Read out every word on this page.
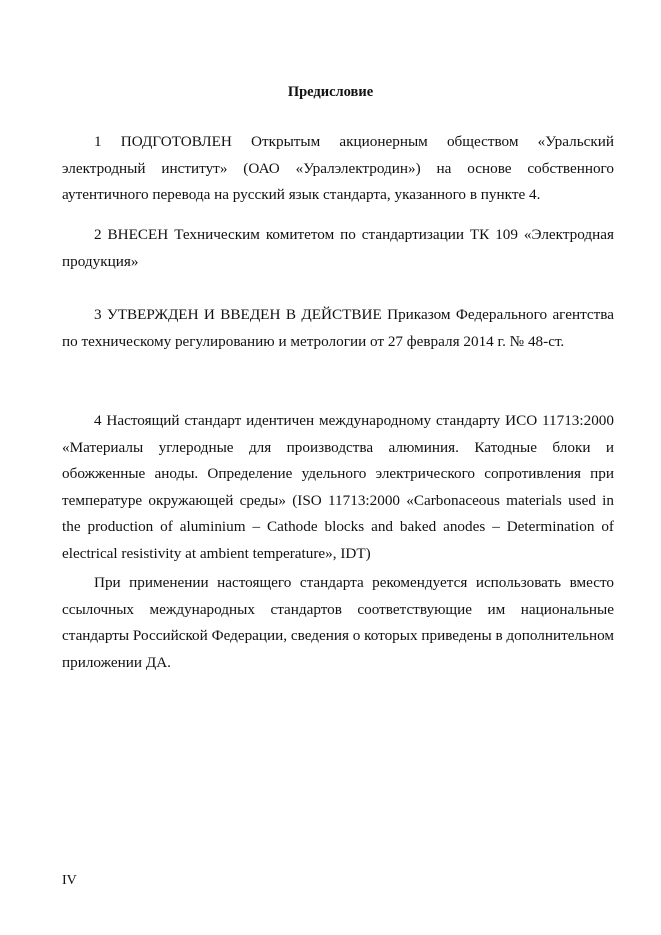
Предисловие

1 ПОДГОТОВЛЕН Открытым акционерным обществом «Уральский электродный институт» (ОАО «Уралэлектродин») на основе собственного аутентичного перевода на русский язык стандарта, указанного в пункте 4.

2 ВНЕСЕН Техническим комитетом по стандартизации ТК 109 «Электродная продукция»

3 УТВЕРЖДЕН И ВВЕДЕН В ДЕЙСТВИЕ Приказом Федерального агентства по техническому регулированию и метрологии от 27 февраля 2014 г. № 48-ст.

4 Настоящий стандарт идентичен международному стандарту ИСО 11713:2000 «Материалы углеродные для производства алюминия. Катодные блоки и обожженные аноды. Определение удельного электрического сопротивления при температуре окружающей среды» (ISO 11713:2000 «Carbonaceous materials used in the production of aluminium – Cathode blocks and baked anodes – Determination of electrical resistivity at ambient temperature», IDT)

При применении настоящего стандарта рекомендуется использовать вместо ссылочных международных стандартов соответствующие им национальные стандарты Российской Федерации, сведения о которых приведены в дополнительном приложении ДА.

IV
